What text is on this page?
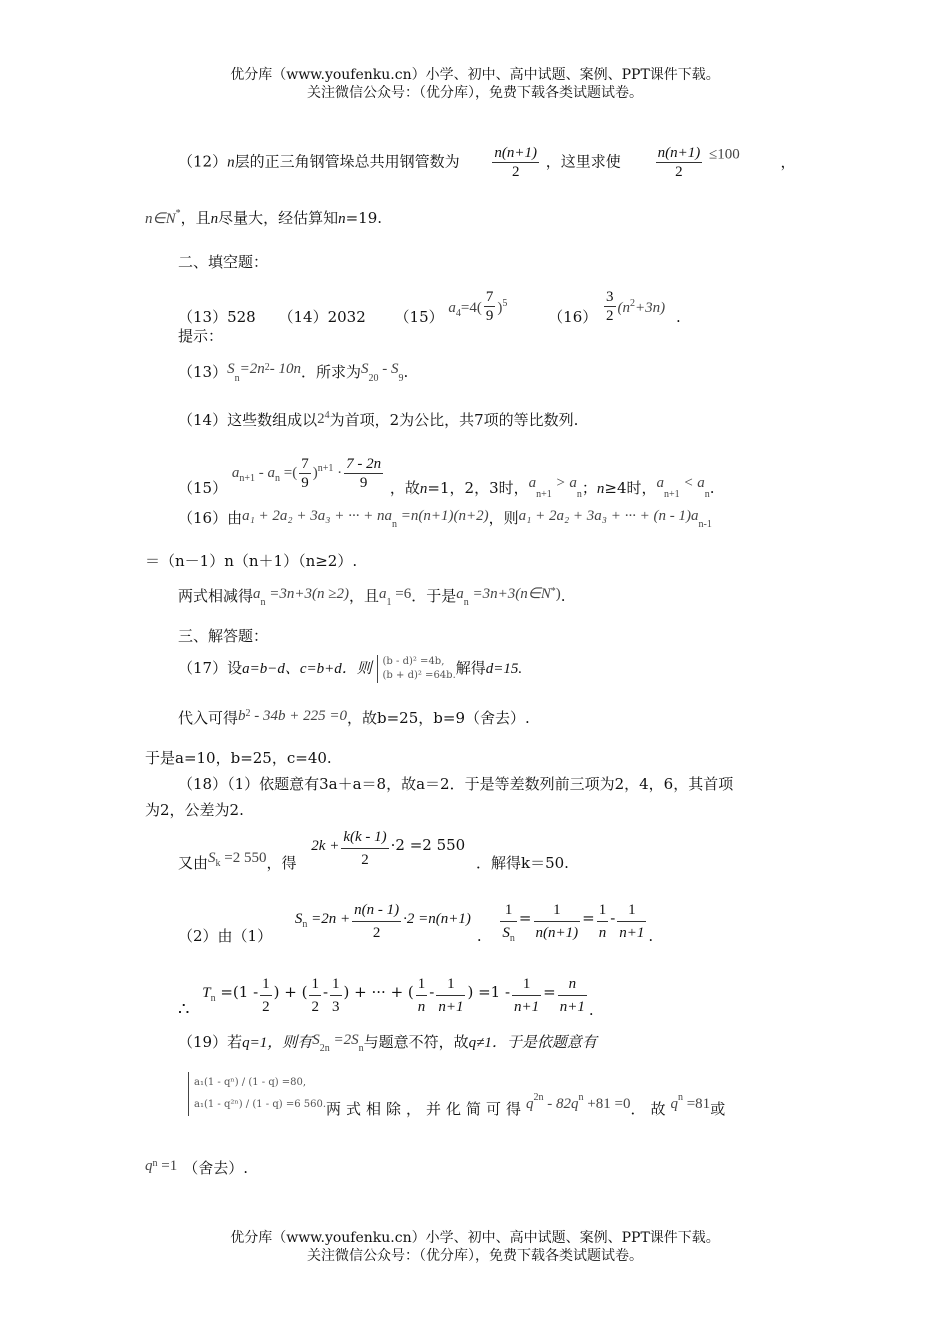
优分库（www.youfenku.cn）小学、初中、高中试题、案例、PPT课件下载。
关注微信公众号：（优分库），免费下载各类试题试卷。
（12）n层的正三角钢管垛总共用钢管数为 $\frac{n(n+1)}{2}$ ，这里求使 $\frac{n(n+1)}{2} \le 100$	，
n∈N*，且n尽量大，经估算知n=19.
二、填空题：
（13）528 （14）2032 （15） $a^4=4( \frac{7}{9} )^5$ $(16) \frac{3}{2} (n^2+3n)$ .
提示：
$(13)S_n=2n^2-$ 10n．所求为$S_{20} - S_9$.
（14）这些数组成以$2^4$为首项，2为公比，共7项的等比数列.
（15） $a^{n+1} - a^n$ =( $\frac{7}{9} )^{n+1} \cdot \frac{7 - 2n}{9}$ ，故n=1，2，3时，$a_{n+1} > a_n$；n≥4时，$a_{n+1} < a_n$.
（16）由a₁ + 2a₂ + 3a₃ + ··· + $na_n =n(n+1)(n+2)$，则a₁ + 2a₂ + 3a₃ + ··· + $(n - 1)a_{n-1}$
＝（n－1）n（n＋1）（n≥2）.
两式相减得$a_n =3n+3(n \ge 2)$，且$a_1 =6$．于是$a_n$ =3n+3(n∈N*).
三、解答题：
（17）设a=b−d、c=b+d．则 (b - d)² =4b,
(b + d)² =64b. 解得d=15.
代入可得$b^2 - 34b + 225 =0$，故b=25，b=9（舍去）.
于是a=10，b=25，c=40.
（18）（1）依题意有3a＋a＝8，故a＝2．于是等差数列前三项为2，4，6，其首项
为2，公差为2.
又由$S^k =2$ 550，得 $2k + \frac{k(k - 1)}{2} \cdot 2 =2$ 550 ．解得k＝50.
（2）由（1） $S^n =2n + \frac{n(n - 1)}{2} \cdot 2 =n(n+1)$. $\frac{1}{S_n} = \frac{1}{n(n+1)} = \frac{1}{n} - \frac{1}{n+1}$ .
∴ $T^n =(1 - \frac{1}{2}$ ) + ( $\frac{1}{2} - \frac{1}{3}$ ) + ··· + ( $\frac{1}{n} - \frac{1}{n+1}$ ) $=1 - \frac{1}{n+1} = \frac{n}{n+1}$ .
（19）若q=1，则有$S_{2n} =2S_n$与题意不符，故q≠1．于是依题意有
a₁(1 - qⁿ) / (1 - q) =80,
a₁(1 - q²ⁿ) / (1 - q) =6 560. 两式相除，并化简可得$q_{2n} - 82q_n +81 =0$．故$q_n =81$或
$q^n =1$ （舍去）.
优分库（www.youfenku.cn）小学、初中、高中试题、案例、PPT课件下载。
关注微信公众号：（优分库），免费下载各类试题试卷。
